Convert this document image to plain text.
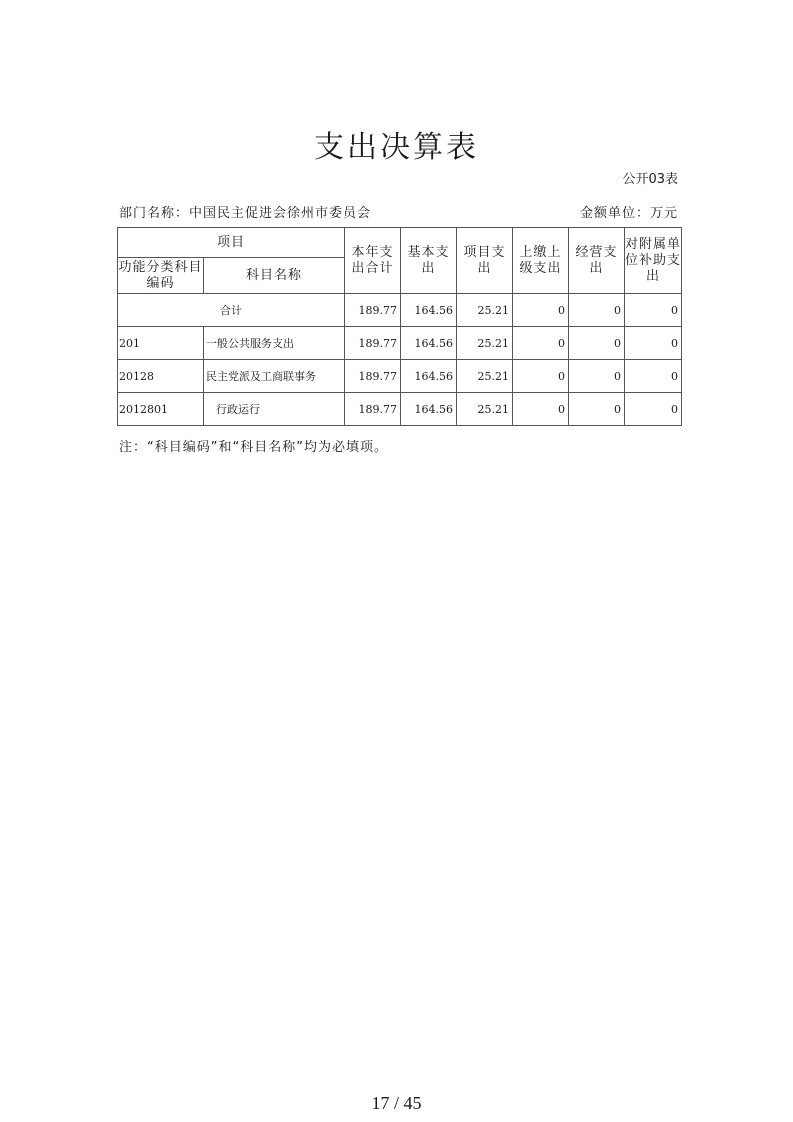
支出决算表
公开03表
部门名称：中国民主促进会徐州市委员会	金额单位：万元
项目		本年支出合计	基本支出	项目支出	上缴上级支出	经营支出	对附属单位补助支出
功能分类科目编码	科目名称						
合计		189.77	164.56	25.21	0	0	0
201	一般公共服务支出	189.77	164.56	25.21	0	0	0
20128	民主党派及工商联事务	189.77	164.56	25.21	0	0	0
2012801	行政运行	189.77	164.56	25.21	0	0	0
注：“科目编码”和“科目名称”均为必填项。
17 / 45
